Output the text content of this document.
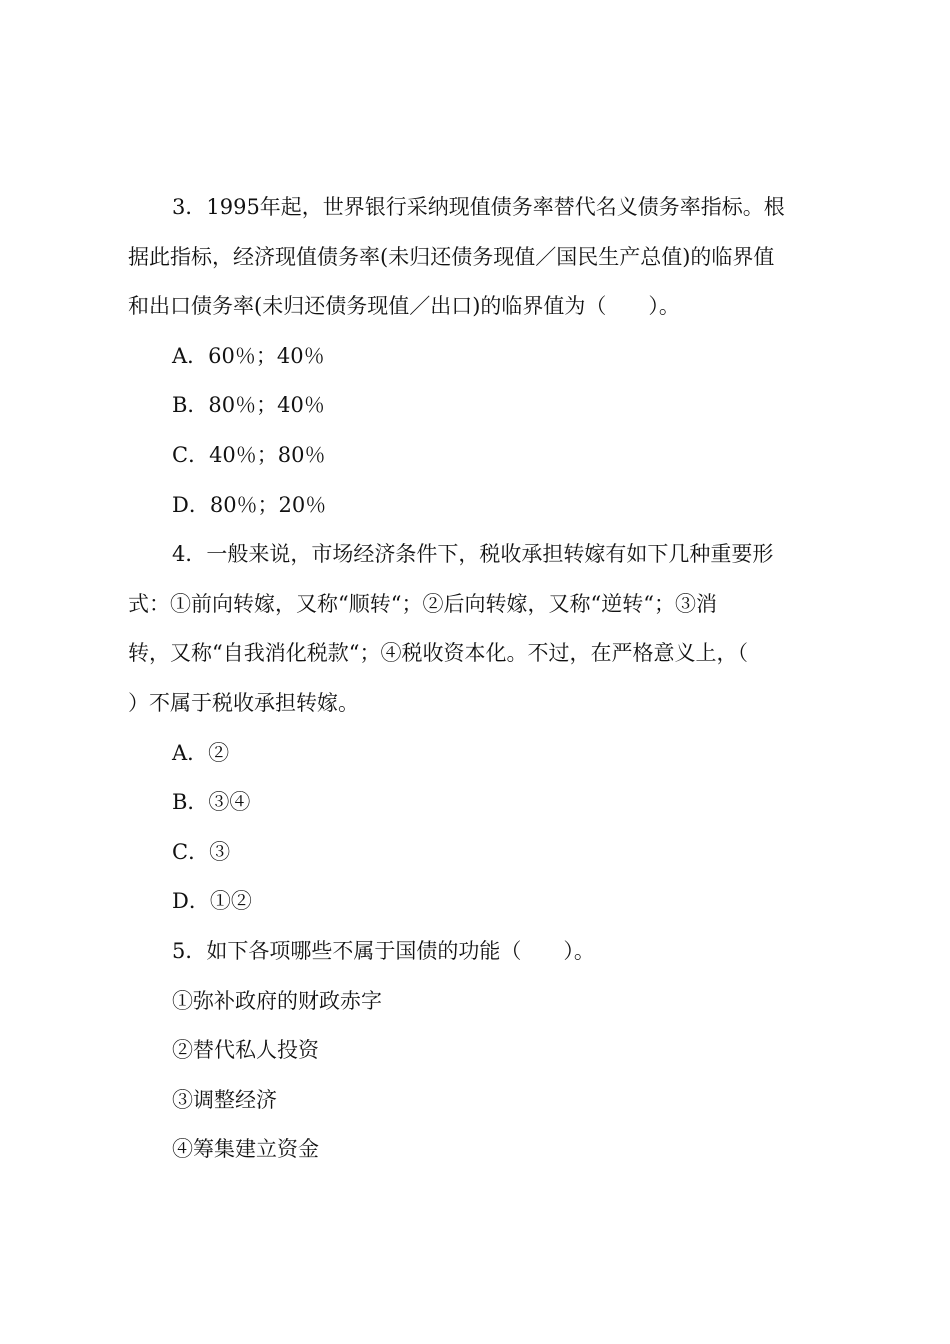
3．1995年起，世界银行采纳现值债务率替代名义债务率指标。根
据此指标，经济现值债务率(未归还债务现值／国民生产总值)的临界值
和出口债务率(未归还债务现值／出口)的临界值为（　　）。
A．60％；40％
B．80％；40％
C．40％；80％
D．80％；20％
4．一般来说，市场经济条件下，税收承担转嫁有如下几种重要形
式：①前向转嫁，又称“顺转“；②后向转嫁，又称“逆转“；③消
转，又称“自我消化税款“；④税收资本化。不过，在严格意义上，（
）不属于税收承担转嫁。
A．②
B．③④
C．③
D．①②
5．如下各项哪些不属于国债的功能（　　）。
①弥补政府的财政赤字
②替代私人投资
③调整经济
④筹集建立资金
